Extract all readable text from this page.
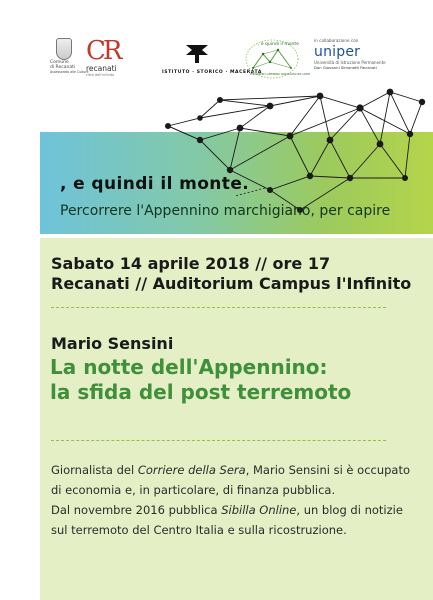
Comune
di Recanati
Assessorato alle Culture
CR
recanati
città dell'infinito	ISTITUTO · STORICO · MACERATA
, e quindi il monte
PERCORRERE L'APPENNINO MARCHIGIANO PER CAPIRE
in collaborazione con
uniper
Università di Istruzione Permanente
Don Giovanni Simonetti Recanati
, e quindi il monte.
Percorrere l'Appennino marchigiano, per capire
Sabato 14 aprile 2018 // ore 17
Recanati // Auditorium Campus l'Infinito
Mario Sensini
La notte dell'Appennino:
la sfida del post terremoto

Giornalista del Corriere della Sera, Mario Sensini si è occupato

di economia e, in particolare, di finanza pubblica.

Dal novembre 2016 pubblica Sibilla Online, un blog di notizie

sul terremoto del Centro Italia e sulla ricostruzione.
